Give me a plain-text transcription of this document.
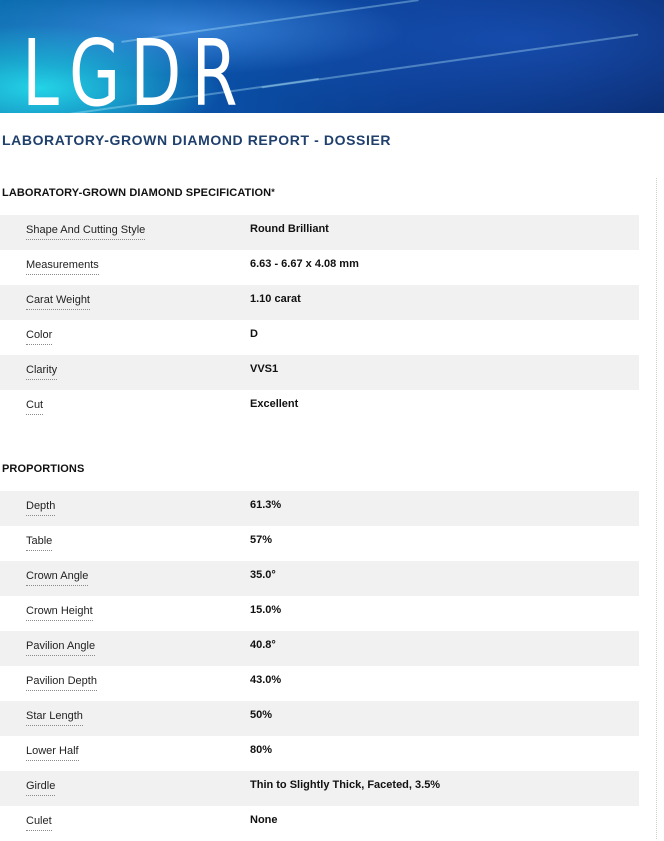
LGDR
LABORATORY-GROWN DIAMOND REPORT - DOSSIER
LABORATORY-GROWN DIAMOND SPECIFICATION*
Shape And Cutting Style	Round Brilliant
Measurements	6.63 - 6.67 x 4.08 mm
Carat Weight	1.10 carat
Color	D
Clarity	VVS1
Cut	Excellent
PROPORTIONS
Depth	61.3%
Table	57%
Crown Angle	35.0°
Crown Height	15.0%
Pavilion Angle	40.8°
Pavilion Depth	43.0%
Star Length	50%
Lower Half	80%
Girdle	Thin to Slightly Thick, Faceted, 3.5%
Culet	None
